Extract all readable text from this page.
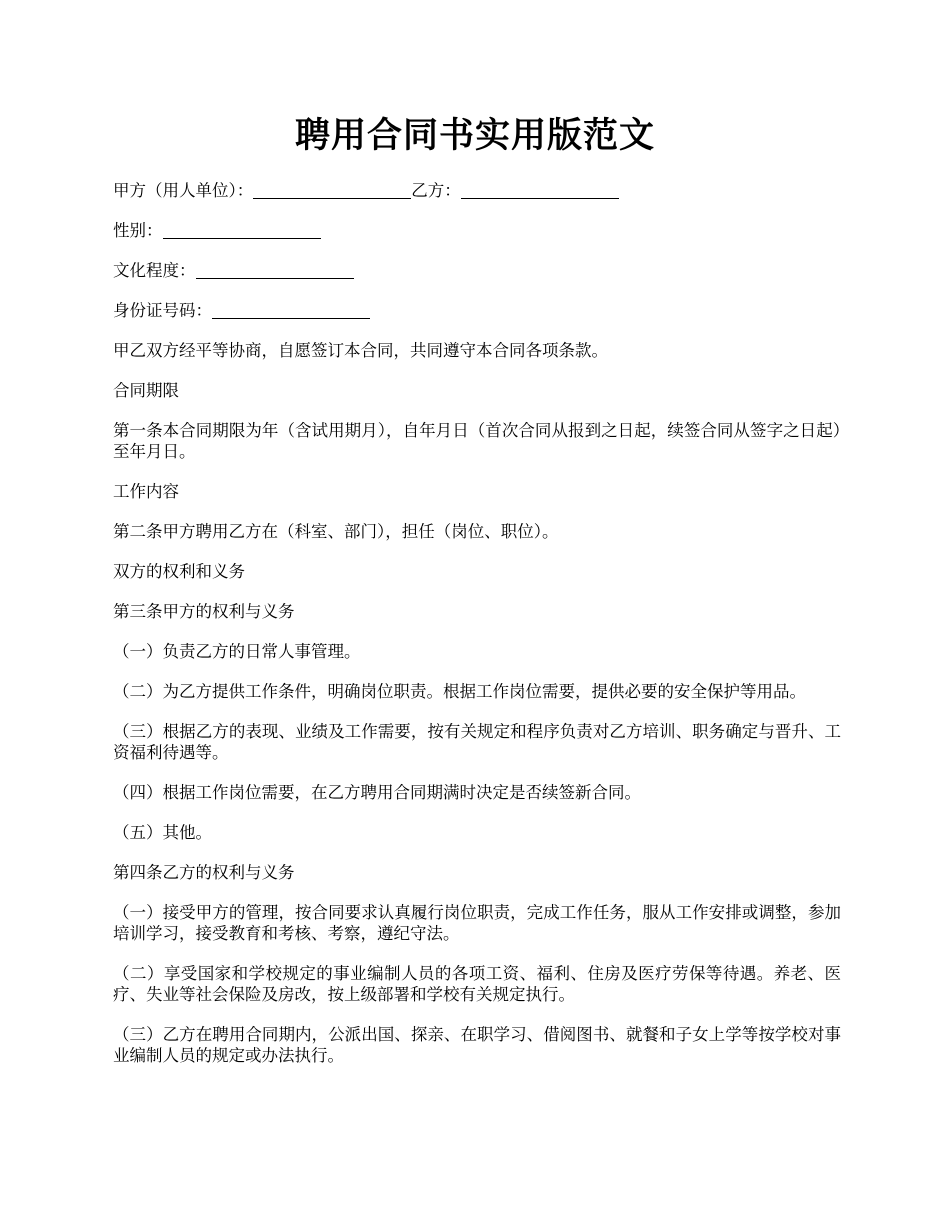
聘用合同书实用版范文

甲方（用人单位）：	乙方：

性别：

文化程度：

身份证号码：

甲乙双方经平等协商，自愿签订本合同，共同遵守本合同各项条款。

合同期限

第一条本合同期限为年（含试用期月），自年月日（首次合同从报到之日起，续签合同从签字之日起）至年月日。

工作内容

第二条甲方聘用乙方在（科室、部门），担任（岗位、职位）。

双方的权利和义务

第三条甲方的权利与义务

（一）负责乙方的日常人事管理。

（二）为乙方提供工作条件，明确岗位职责。根据工作岗位需要，提供必要的安全保护等用品。

（三）根据乙方的表现、业绩及工作需要，按有关规定和程序负责对乙方培训、职务确定与晋升、工资福利待遇等。

（四）根据工作岗位需要，在乙方聘用合同期满时决定是否续签新合同。

（五）其他。

第四条乙方的权利与义务

（一）接受甲方的管理，按合同要求认真履行岗位职责，完成工作任务，服从工作安排或调整，参加培训学习，接受教育和考核、考察，遵纪守法。

（二）享受国家和学校规定的事业编制人员的各项工资、福利、住房及医疗劳保等待遇。养老、医疗、失业等社会保险及房改，按上级部署和学校有关规定执行。

（三）乙方在聘用合同期内，公派出国、探亲、在职学习、借阅图书、就餐和子女上学等按学校对事业编制人员的规定或办法执行。
